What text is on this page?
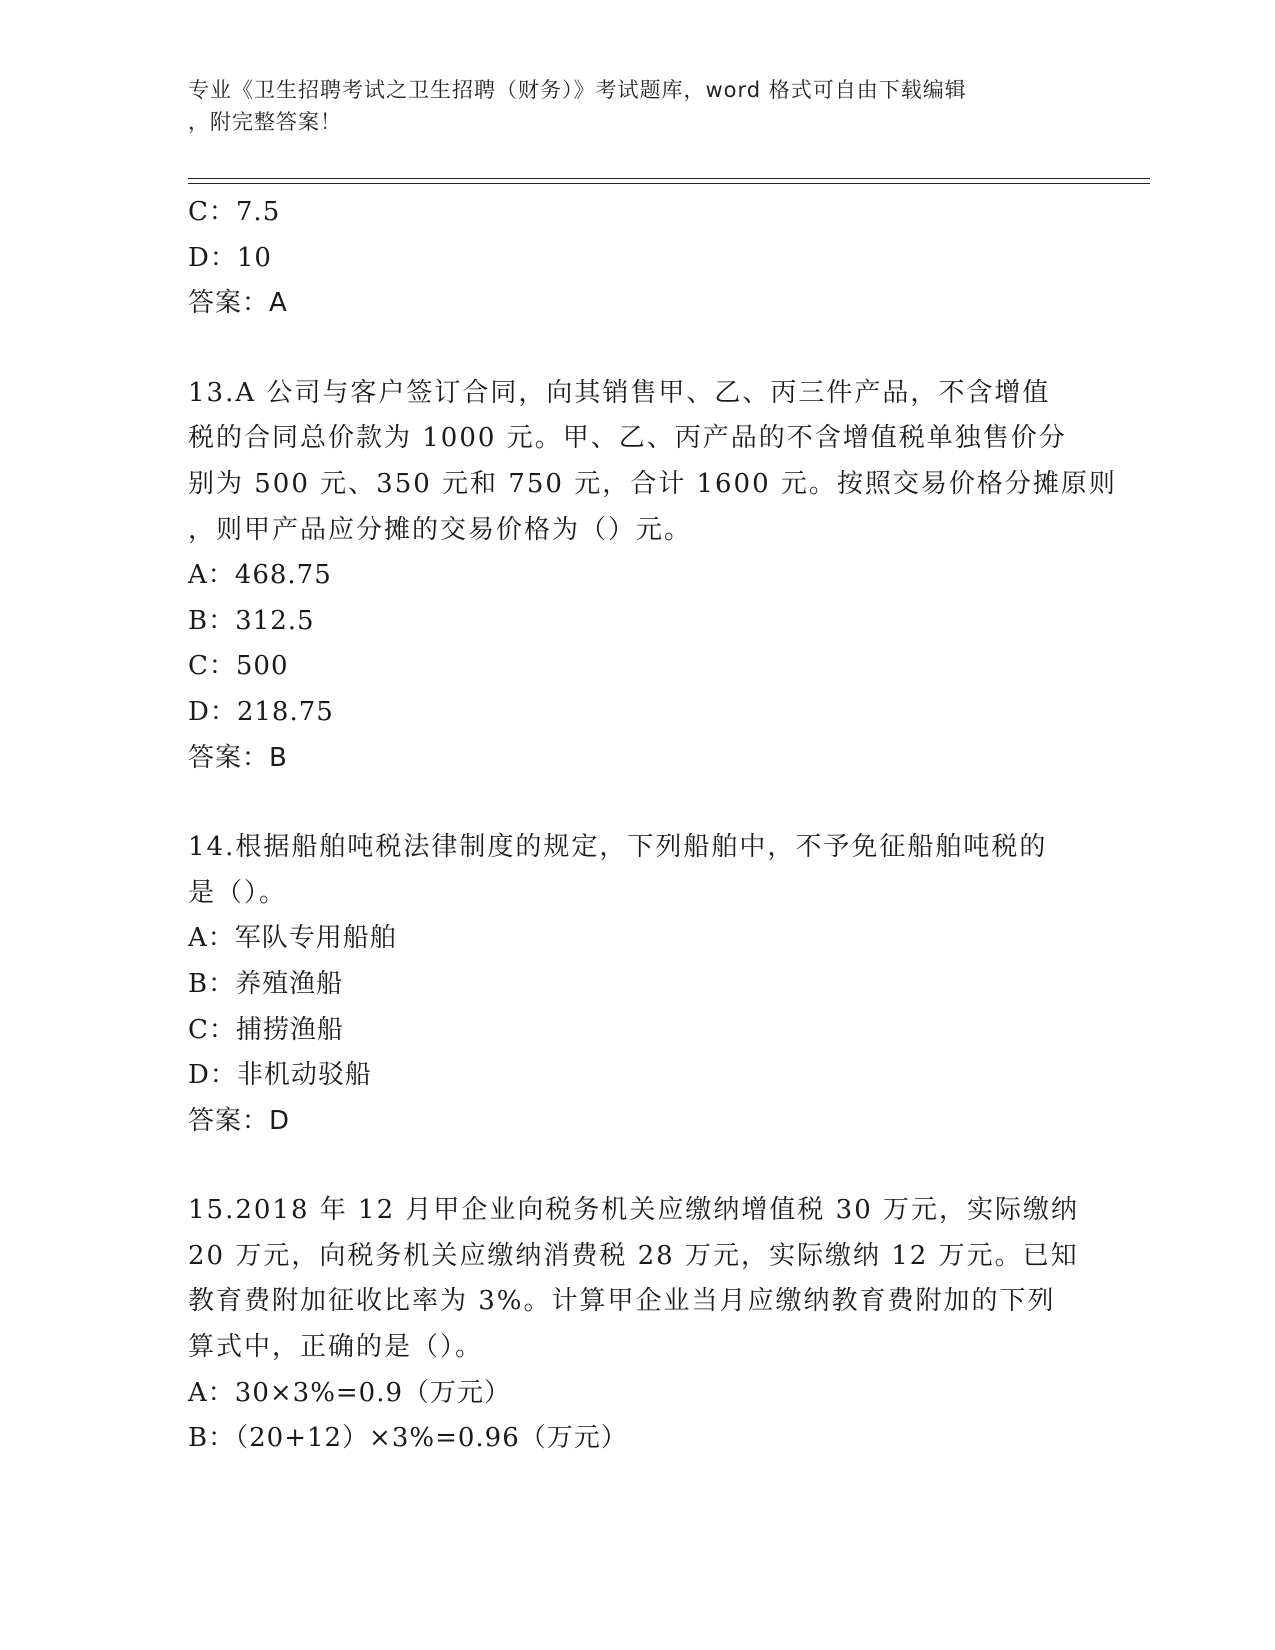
专业《卫生招聘考试之卫生招聘（财务）》考试题库，word 格式可自由下载编辑
，附完整答案！

C：7.5

D：10

答案：A

13.A 公司与客户签订合同，向其销售甲、乙、丙三件产品，不含增值

税的合同总价款为 1000 元。甲、乙、丙产品的不含增值税单独售价分

别为 500 元、350 元和 750 元，合计 1600 元。按照交易价格分摊原则

，则甲产品应分摊的交易价格为（）元。

A：468.75

B：312.5

C：500

D：218.75

答案：B

14.根据船舶吨税法律制度的规定，下列船舶中，不予免征船舶吨税的

是（）。

A：军队专用船舶

B：养殖渔船

C：捕捞渔船

D：非机动驳船

答案：D

15.2018 年 12 月甲企业向税务机关应缴纳增值税 30 万元，实际缴纳

20 万元，向税务机关应缴纳消费税 28 万元，实际缴纳 12 万元。已知

教育费附加征收比率为 3%。计算甲企业当月应缴纳教育费附加的下列

算式中，正确的是（）。

A：30×3%=0.9（万元）

B：（20+12）×3%=0.96（万元）
